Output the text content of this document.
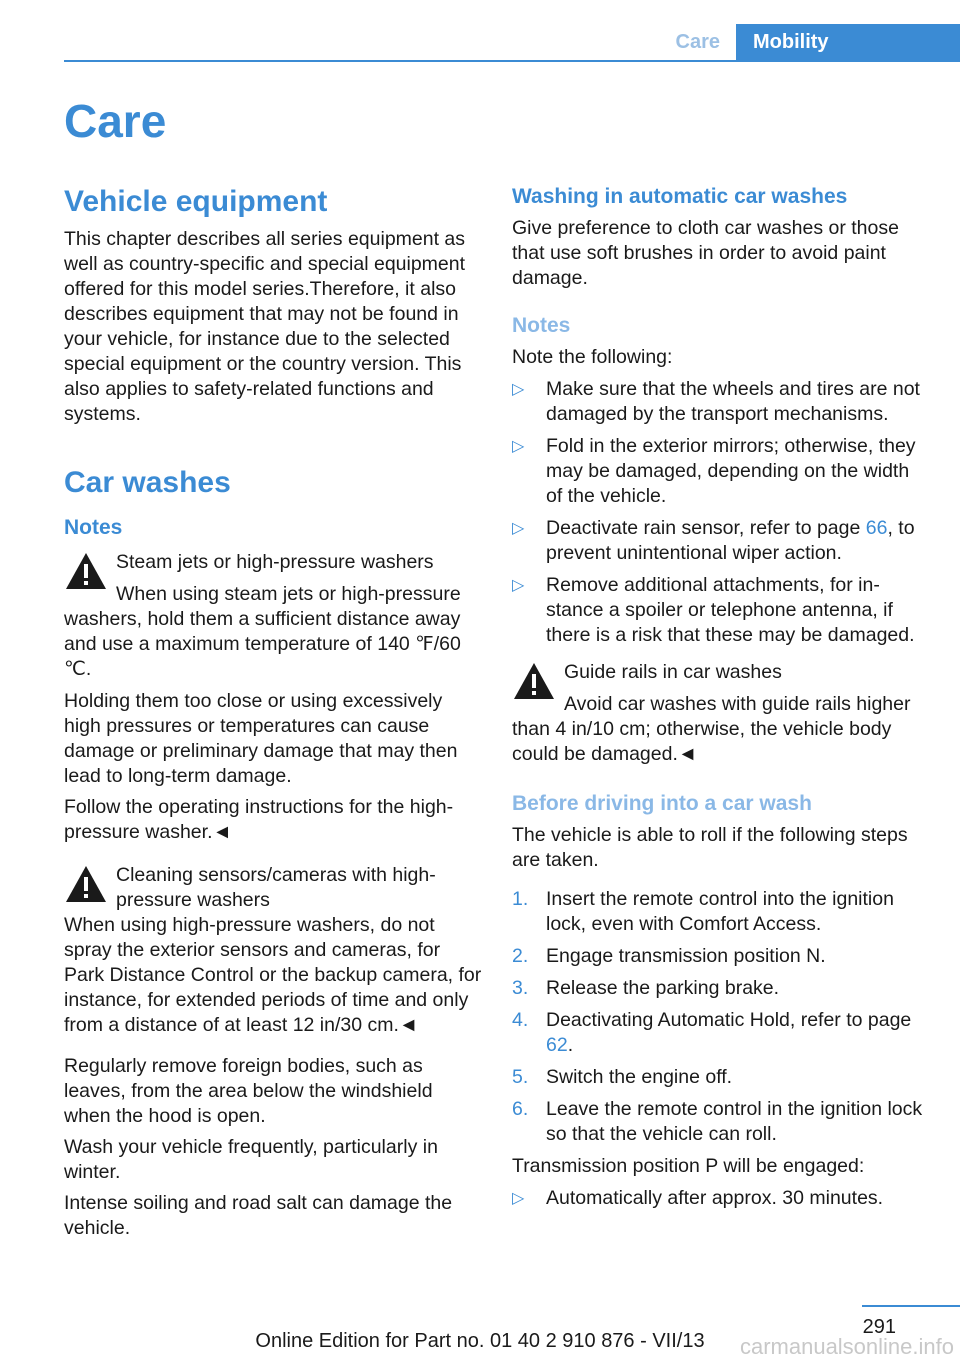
Care	Mobility
Care
Vehicle equipment

This chapter describes all series equipment as well as country-specific and special equipment offered for this model series.Therefore, it also describes equipment that may not be found in your vehicle, for instance due to the selected special equipment or the country version. This also applies to safety-related functions and systems.

Car washes
Notes
Steam jets or high-pressure washers
When using steam jets or high-pressure washers, hold them a sufficient distance away and use a maximum temperature of 140 ℉/60 ℃.

Holding them too close or using excessively high pressures or temperatures can cause damage or preliminary damage that may then lead to long-term damage.

Follow the operating instructions for the high-pressure washer.◄

Cleaning sensors/cameras with high-pressure washers
When using high-pressure washers, do not spray the exterior sensors and cameras, for Park Distance Control or the backup camera, for instance, for extended periods of time and only from a distance of at least 12 in/30 cm.◄

Regularly remove foreign bodies, such as leaves, from the area below the windshield when the hood is open.

Wash your vehicle frequently, particularly in winter.

Intense soiling and road salt can damage the vehicle.

Washing in automatic car washes

Give preference to cloth car washes or those that use soft brushes in order to avoid paint damage.

Notes

Note the following:

▷ Make sure that the wheels and tires are not damaged by the transport mechanisms.
▷ Fold in the exterior mirrors; otherwise, they may be damaged, depending on the width of the vehicle.
▷ Deactivate rain sensor, refer to page 66, to prevent unintentional wiper action.
▷ Remove additional attachments, for in-stance a spoiler or telephone antenna, if there is a risk that these may be damaged.
Guide rails in car washes
Avoid car washes with guide rails higher than 4 in/10 cm; otherwise, the vehicle body could be damaged.◄
Before driving into a car wash

The vehicle is able to roll if the following steps are taken.

1. Insert the remote control into the ignition lock, even with Comfort Access.
2. Engage transmission position N.
3. Release the parking brake.
4. Deactivating Automatic Hold, refer to page 62.
5. Switch the engine off.
6. Leave the remote control in the ignition lock so that the vehicle can roll.

Transmission position P will be engaged:

▷ Automatically after approx. 30 minutes.
291
Online Edition for Part no. 01 40 2 910 876 - VII/13	carmanualsonline.info
